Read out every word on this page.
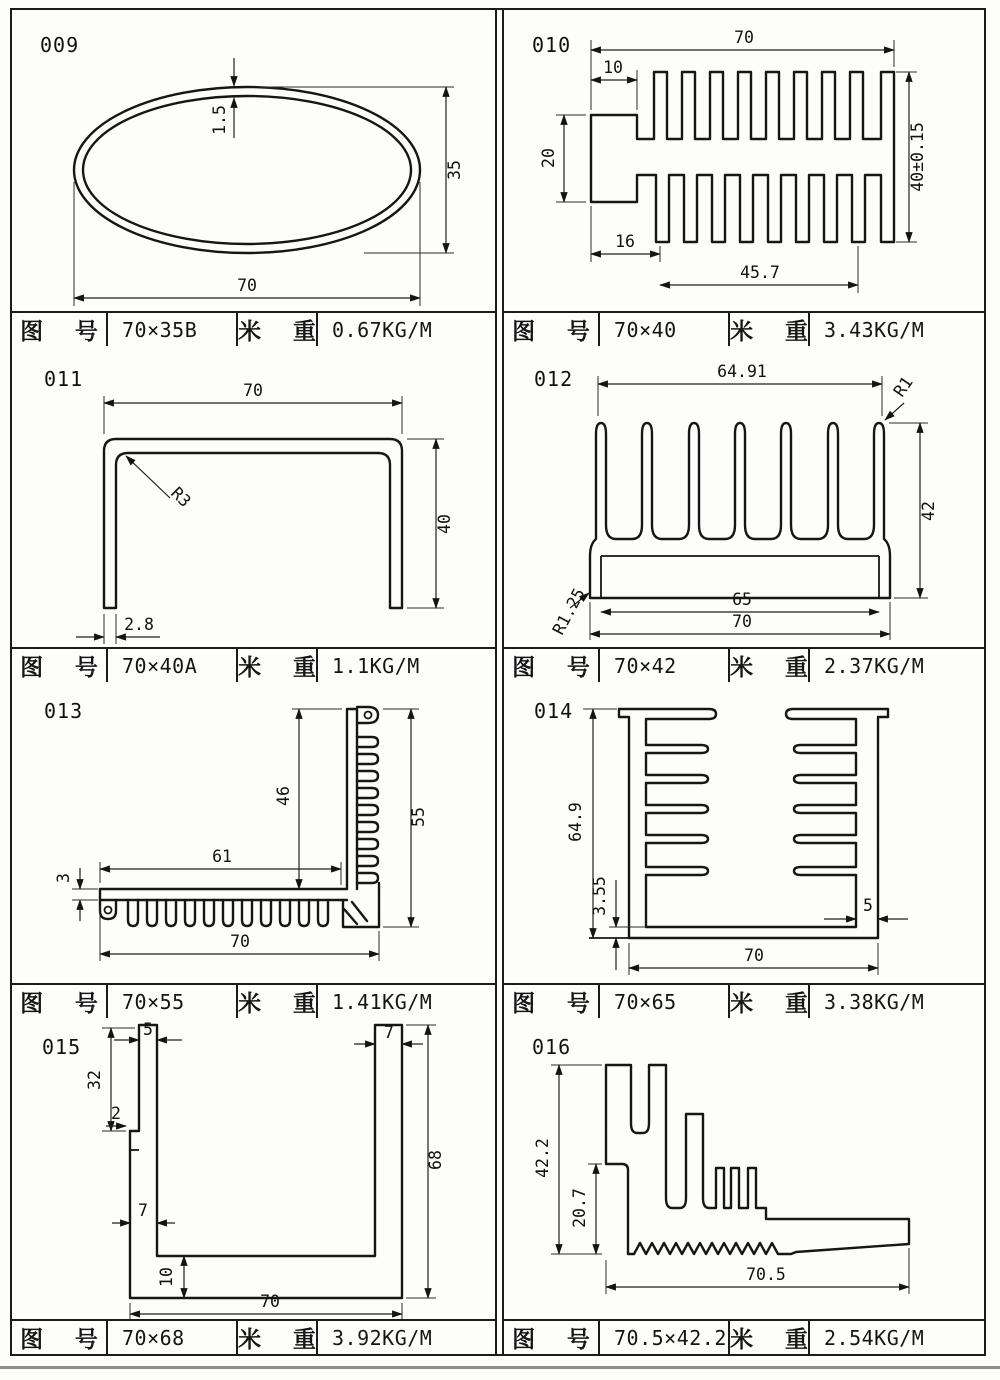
009
1.5
35
70
010	70
10
20
16
45.7
40±0.15
011	70
R3
40
2.8
012	64.91
R1
42
65
70
R1.25
013
46
55
61
3
70
014
64.9
3.55	5
70
015
5
32
2
7
10
7
68
70
016
42.2
20.7
70.5
图 号	70×35B	米 重 0.67KG/M	图 号	70×40	米 重 3.43KG/M
图 号	70×40A	米 重 1.1KG/M	图 号	70×42	米 重 2.37KG/M
图 号	70×55	米 重 1.41KG/M	图 号	70×65	米 重 3.38KG/M
图 号	70×68	米 重 3.92KG/M	图 号	70.5×42.2 米 重 2.54KG/M
